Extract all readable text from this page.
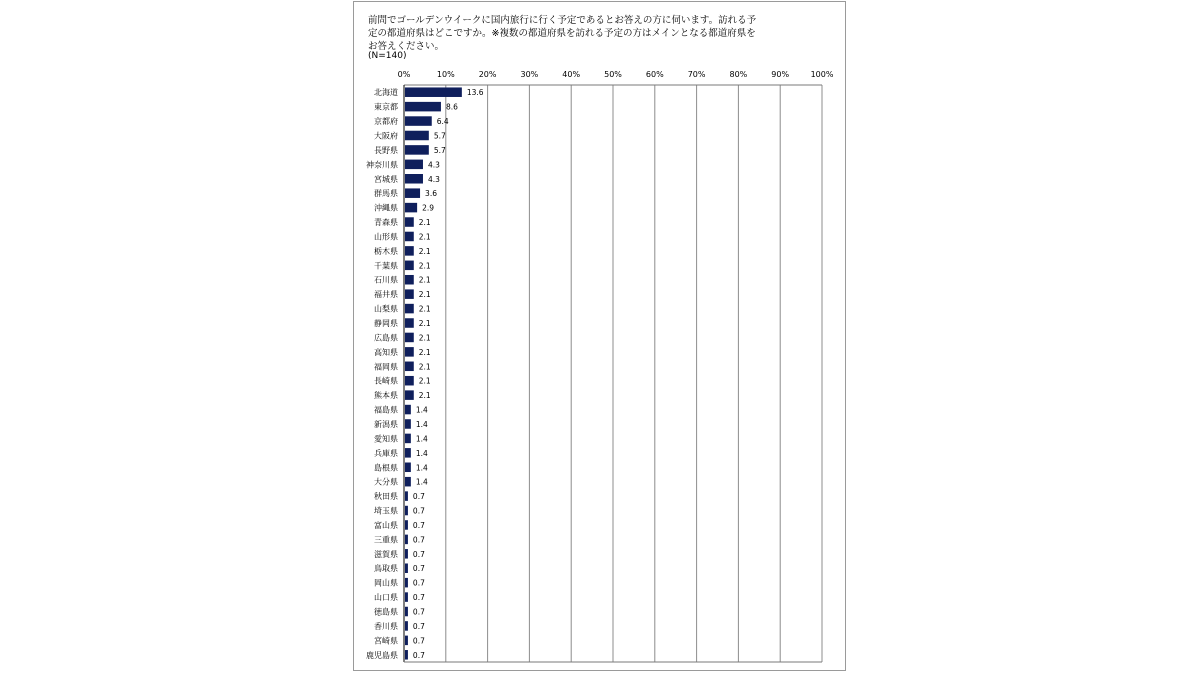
前問でゴールデンウイークに国内旅行に行く予定であるとお答えの方に伺います。訪れる予
定の都道府県はどこですか。※複数の都道府県を訪れる予定の方はメインとなる都道府県を
お答えください。
(N=140)
0%	10%	20%	30%	40%	50%	60%	70%	80%	90%	100%
北海道	13.6
東京都	8.6
京都府	6.4
大阪府	5.7
長野県	5.7
神奈川県	4.3
宮城県	4.3
群馬県	3.6
沖縄県	2.9
青森県	2.1
山形県	2.1
栃木県	2.1
千葉県	2.1
石川県	2.1
福井県	2.1
山梨県	2.1
静岡県	2.1
広島県	2.1
高知県	2.1
福岡県	2.1
長崎県	2.1
熊本県	2.1
福島県 1.4
新潟県 1.4
愛知県 1.4
兵庫県 1.4
島根県 1.4
大分県 1.4
秋田県 0.7
埼玉県 0.7
富山県 0.7
三重県 0.7
滋賀県 0.7
鳥取県 0.7
岡山県 0.7
山口県 0.7
徳島県 0.7
香川県 0.7
宮崎県 0.7
鹿児島県 0.7
